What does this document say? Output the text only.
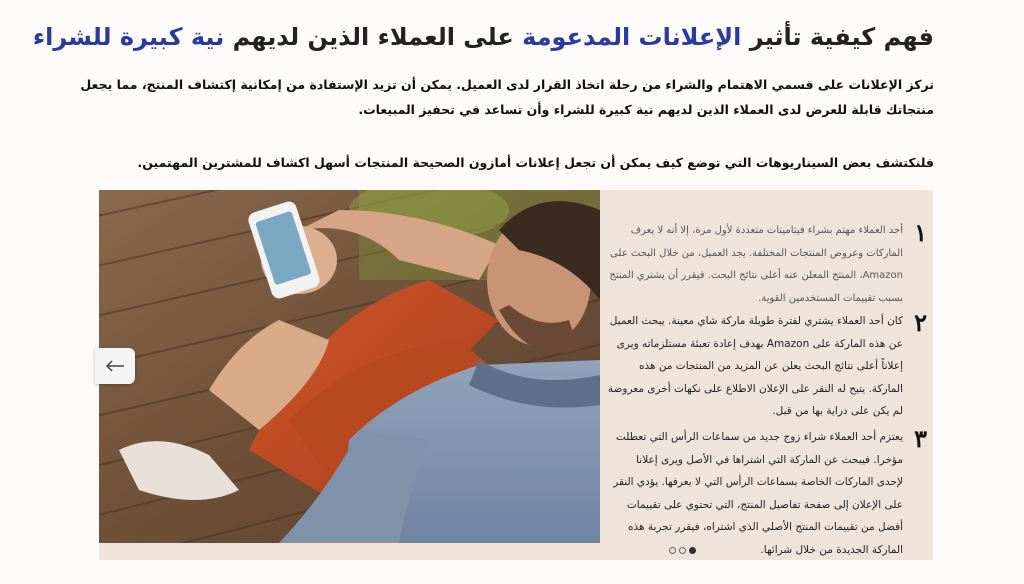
فهم كيفية تأثير الإعلانات المدعومة على العملاء الذين لديهم نية كبيرة للشراء

تركز الإعلانات على قسمي الاهتمام والشراء من رحلة اتخاذ القرار لدى العميل. يمكن أن تزيد الإستفادة من إمكانية إكتشاف المنتج، مما يجعل منتجاتك قابلة للعرض لدى العملاء الذين لديهم نية كبيرة للشراء وأن تساعد في تحفيز المبيعات.

فلنكتشف بعض السيناريوهات التي توضع كيف يمكن أن تجعل إعلانات أمازون الصحيحة المنتجات أسهل اكشاف للمشترين المهتمين.

١
أحد العملاء مهتم بشراء فيتامينات متعددة لأول مرة، إلا أنه لا يعرف الماركات وعروض المنتجات المختلفة. يجد العميل، من خلال البحث على Amazon، المنتج المعلن عنه أعلى نتائج البحث. فيقرر أن يشتري المنتج بسبب تقييمات المستخدمين القوية.
٢
كان أحد العملاء يشتري لفترة طويلة ماركة شاي معينة. يبحث العميل عن هذه الماركة على Amazon بهدف إعادة تعبئة مستلزماته ويرى إعلاناً أعلى نتائج البحث يعلن عن المزيد من المنتجات من هذه الماركة. يتيح له النقر على الإعلان الاطلاع على نكهات أخرى معروضة لم يكن على دراية بها من قبل.
٣
يعتزم أحد العملاء شراء زوج جديد من سماعات الرأس التي تعطلت مؤخرا. فيبحث عن الماركة التي اشتراها في الأصل ويرى إعلانا لإحدى الماركات الخاصة بسماعات الرأس التي لا يعرفها. يؤدي النقر على الإعلان إلى صفحة تفاصيل المنتج، التي تحتوي على تقييمات أفضل من تقييمات المنتج الأصلي الذي اشتراه، فيقرر تجربة هذه الماركة الجديدة من خلال شرائها.
